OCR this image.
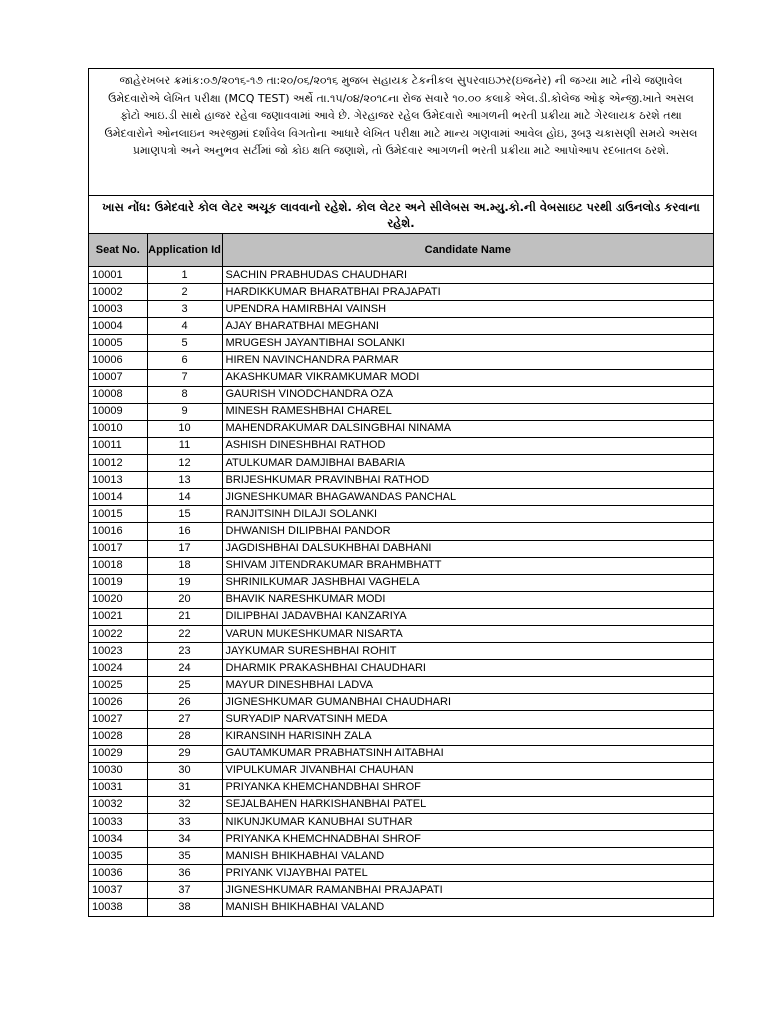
જાહેરખબર ક્રમાંક:૦૭/૨૦૧૬-૧૭ તા:૨૦/૦૬/૨૦૧૬ મુજબ સહાયક ટેકનીકલ સુપરવાઇઝર(ઇજનેર) ની જગ્યા માટે નીચે જણાવેલ ઉમેદવારોએ લેખિત પરીક્ષા (MCQ TEST) અર્થે તા.૧૫/૦૪/૨૦૧૮ના રોજ સવારે ૧૦.૦૦ કલાકે એલ.ડી.કોલેજ ઓફ એન્જી.ખાતે અસલ ફોટો આઇ.ડી સાથે હાજર રહેવા જણાવવામાં આવે છે. ગેરહાજર રહેલ ઉમેદવારો આગળની ભરતી પ્રક્રીયા માટે ગેરલાયક ઠરશે તથા ઉમેદવારોને ઓનલાઇન અરજીમાં દર્શાવેલ વિગતોના આધારે લેખિત પરીક્ષા માટે માન્ય ગણવામાં આવેલ હોઇ, રૂબરૂ ચકાસણી સમયે અસલ પ્રમાણપત્રો અને અનુભવ સર્ટીમાં જો કોઇ ક્ષતિ જણાશે, તો ઉમેદવાર આગળની ભરતી પ્રક્રીયા માટે આપોઆપ રદબાતલ ઠરશે.
ખાસ નોંધ: ઉમેદવારે કોલ લેટર અચૂક લાવવાનો રહેશે. કોલ લેટર અને સીલેબસ અ.મ્યુ.કો.ની વેબસાઇટ પરથી ડાઉનલોડ કરવાના રહેશે.
Seat No.	Application Id	Candidate Name
10001	1	SACHIN PRABHUDAS CHAUDHARI
10002	2	HARDIKKUMAR BHARATBHAI PRAJAPATI
10003	3	UPENDRA HAMIRBHAI VAINSH
10004	4	AJAY BHARATBHAI MEGHANI
10005	5	MRUGESH JAYANTIBHAI SOLANKI
10006	6	HIREN NAVINCHANDRA PARMAR
10007	7	AKASHKUMAR VIKRAMKUMAR MODI
10008	8	GAURISH VINODCHANDRA OZA
10009	9	MINESH RAMESHBHAI CHAREL
10010	10	MAHENDRAKUMAR DALSINGBHAI NINAMA
10011	11	ASHISH DINESHBHAI RATHOD
10012	12	ATULKUMAR DAMJIBHAI BABARIA
10013	13	BRIJESHKUMAR PRAVINBHAI RATHOD
10014	14	JIGNESHKUMAR BHAGAWANDAS PANCHAL
10015	15	RANJITSINH DILAJI SOLANKI
10016	16	DHWANISH DILIPBHAI PANDOR
10017	17	JAGDISHBHAI DALSUKHBHAI DABHANI
10018	18	SHIVAM JITENDRAKUMAR BRAHMBHATT
10019	19	SHRINILKUMAR JASHBHAI VAGHELA
10020	20	BHAVIK NARESHKUMAR MODI
10021	21	DILIPBHAI JADAVBHAI KANZARIYA
10022	22	VARUN MUKESHKUMAR NISARTA
10023	23	JAYKUMAR SURESHBHAI ROHIT
10024	24	DHARMIK PRAKASHBHAI CHAUDHARI
10025	25	MAYUR DINESHBHAI LADVA
10026	26	JIGNESHKUMAR GUMANBHAI CHAUDHARI
10027	27	SURYADIP NARVATSINH MEDA
10028	28	KIRANSINH HARISINH ZALA
10029	29	GAUTAMKUMAR PRABHATSINH AITABHAI
10030	30	VIPULKUMAR JIVANBHAI CHAUHAN
10031	31	PRIYANKA KHEMCHANDBHAI SHROF
10032	32	SEJALBAHEN HARKISHANBHAI PATEL
10033	33	NIKUNJKUMAR KANUBHAI SUTHAR
10034	34	PRIYANKA KHEMCHNADBHAI SHROF
10035	35	MANISH BHIKHABHAI VALAND
10036	36	PRIYANK VIJAYBHAI PATEL
10037	37	JIGNESHKUMAR RAMANBHAI PRAJAPATI
10038	38	MANISH BHIKHABHAI VALAND
